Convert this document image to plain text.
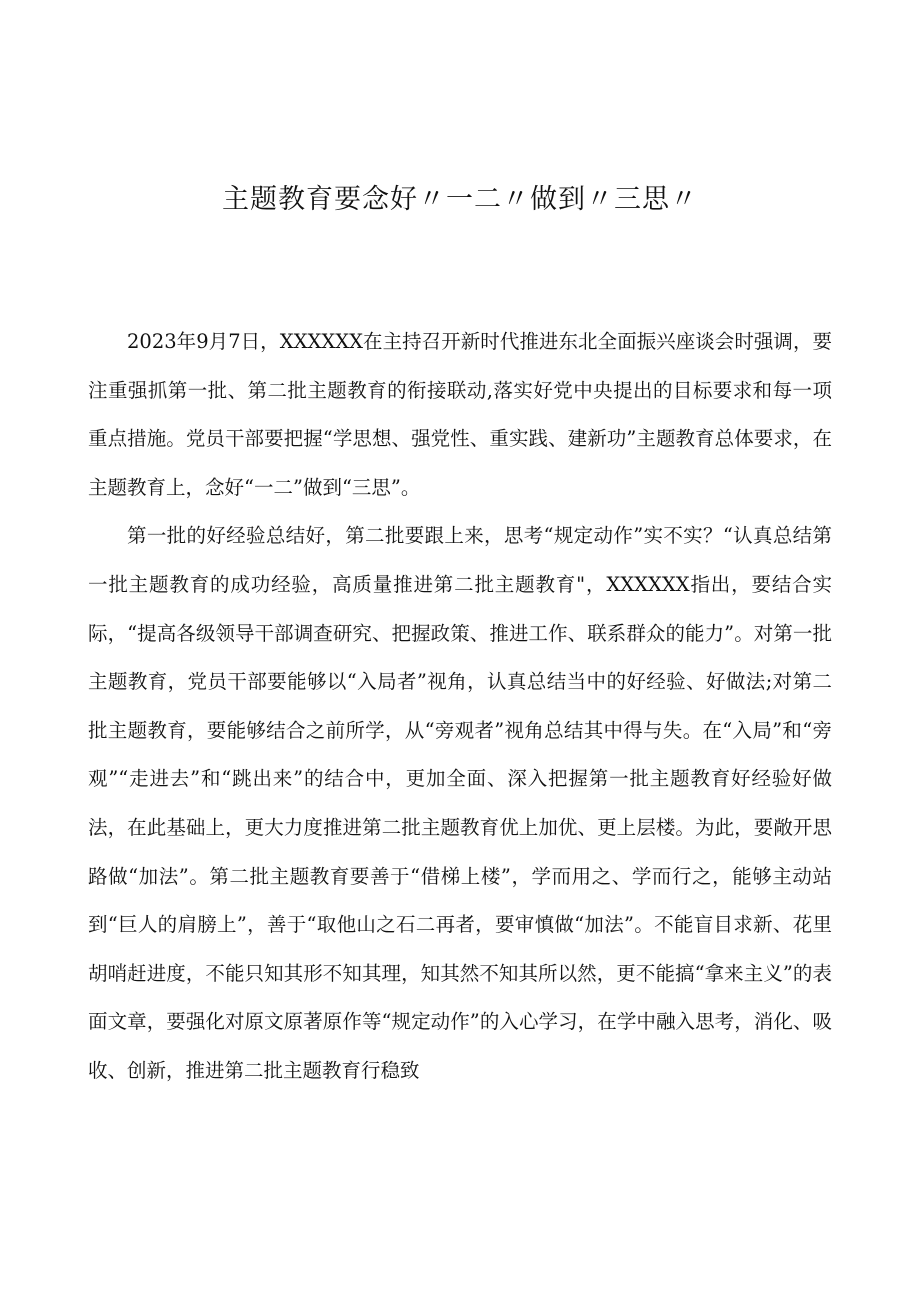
主题教育要念好〃一二〃做到〃三思〃

2023年9月7日，XXXXXX在主持召开新时代推进东北全面振兴座谈会时强调，要注重强抓第一批、第二批主题教育的衔接联动,落实好党中央提出的目标要求和每一项重点措施。党员干部要把握“学思想、强党性、重实践、建新功”主题教育总体要求，在主题教育上，念好“一二”做到“三思”。

第一批的好经验总结好，第二批要跟上来，思考“规定动作”实不实？“认真总结第一批主题教育的成功经验，高质量推进第二批主题教育"，XXXXXX指出，要结合实际，“提高各级领导干部调查研究、把握政策、推进工作、联系群众的能力”。对第一批主题教育，党员干部要能够以“入局者”视角，认真总结当中的好经验、好做法;对第二批主题教育，要能够结合之前所学，从“旁观者”视角总结其中得与失。在“入局”和“旁观”“走进去”和“跳出来”的结合中，更加全面、深入把握第一批主题教育好经验好做法，在此基础上，更大力度推进第二批主题教育优上加优、更上层楼。为此，要敞开思路做“加法”。第二批主题教育要善于“借梯上楼”，学而用之、学而行之，能够主动站到“巨人的肩膀上”，善于“取他山之石二再者，要审慎做“加法”。不能盲目求新、花里胡哨赶进度，不能只知其形不知其理，知其然不知其所以然，更不能搞“拿来主义”的表面文章，要强化对原文原著原作等“规定动作”的入心学习，在学中融入思考，消化、吸收、创新，推进第二批主题教育行稳致
